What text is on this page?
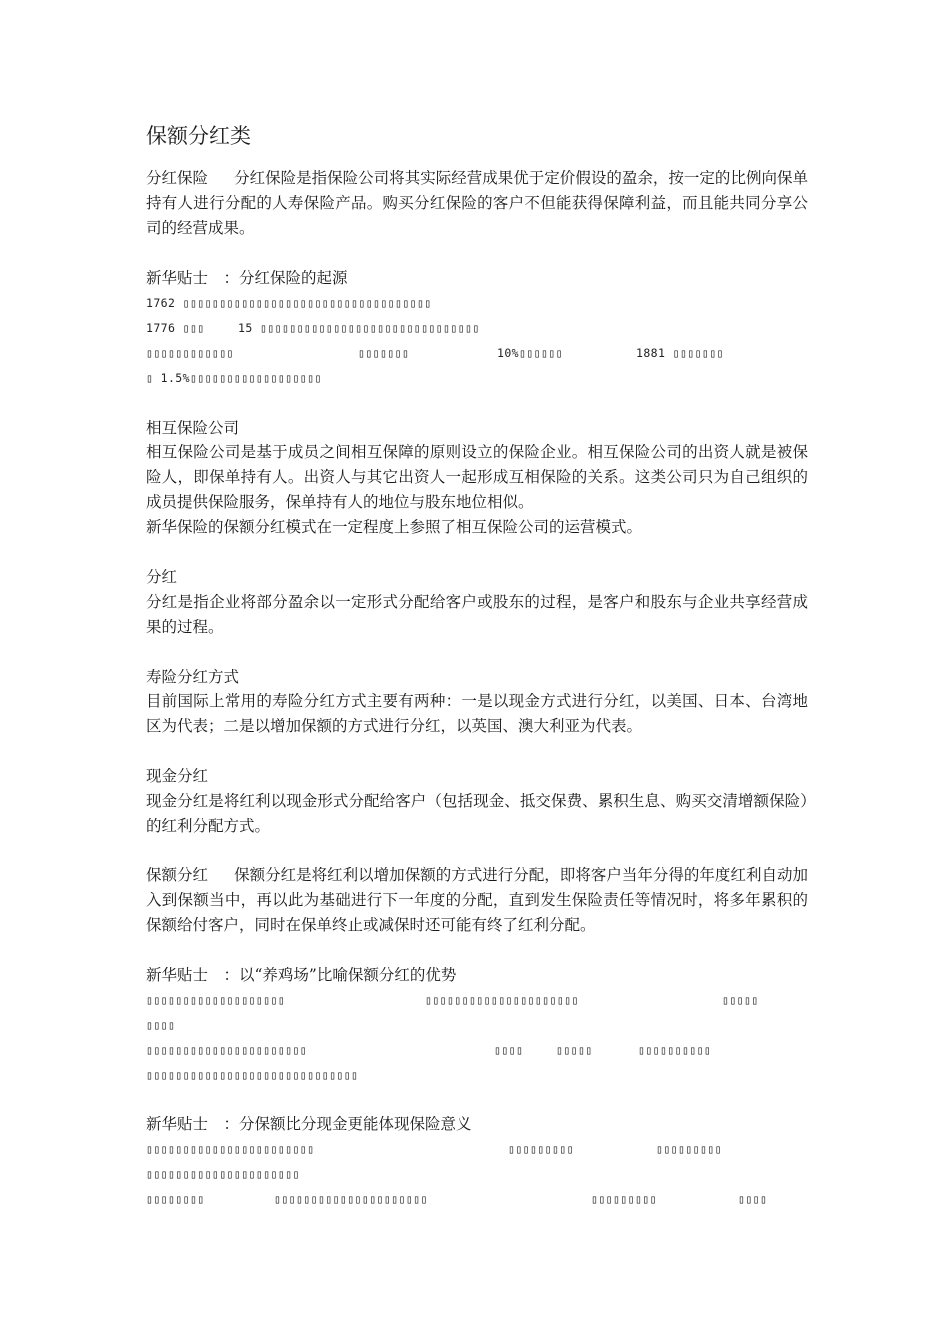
保额分红类

分红保险 分红保险是指保险公司将其实际经营成果优于定价假设的盈余，按一定的比例向保单持有人进行分配的人寿保险产品。购买分红保险的客户不但能获得保障利益，而且能共同分享公司的经营成果。

新华贴士　：分红保险的起源
1762 ▯▯▯▯▯▯▯▯▯▯▯▯▯▯▯▯▯▯▯▯▯▯▯▯▯▯▯▯▯▯▯▯▯▯
1776 ▯▯▯	15 ▯▯▯▯▯▯▯▯▯▯▯▯▯▯▯▯▯▯▯▯▯▯▯▯▯▯▯▯▯▯
▯▯▯▯▯▯▯▯▯▯▯▯	▯▯▯▯▯▯▯	10%▯▯▯▯▯▯	1881 ▯▯▯▯▯▯▯
▯ 1.5%▯▯▯▯▯▯▯▯▯▯▯▯▯▯▯▯▯▯
相互保险公司

相互保险公司是基于成员之间相互保障的原则设立的保险企业。相互保险公司的出资人就是被保险人，即保单持有人。出资人与其它出资人一起形成互相保险的关系。这类公司只为自己组织的成员提供保险服务，保单持有人的地位与股东地位相似。

新华保险的保额分红模式在一定程度上参照了相互保险公司的运营模式。

分红

分红是指企业将部分盈余以一定形式分配给客户或股东的过程，是客户和股东与企业共享经营成果的过程。

寿险分红方式

目前国际上常用的寿险分红方式主要有两种：一是以现金方式进行分红，以美国、日本、台湾地区为代表；二是以增加保额的方式进行分红，以英国、澳大利亚为代表。

现金分红

现金分红是将红利以现金形式分配给客户（包括现金、抵交保费、累积生息、购买交清增额保险）的红利分配方式。

保额分红 保额分红是将红利以增加保额的方式进行分配，即将客户当年分得的年度红利自动加入到保额当中，再以此为基础进行下一年度的分配，直到发生保险责任等情况时，将多年累积的保额给付客户，同时在保单终止或减保时还可能有终了红利分配。

新华贴士　：以“养鸡场”比喻保额分红的优势
▯▯▯▯▯▯▯▯▯▯▯▯▯▯▯▯▯▯▯	▯▯▯▯▯▯▯▯▯▯▯▯▯▯▯▯▯▯▯▯▯	▯▯▯▯▯
▯▯▯▯
▯▯▯▯▯▯▯▯▯▯▯▯▯▯▯▯▯▯▯▯▯▯	▯▯▯▯	▯▯▯▯▯	▯▯▯▯▯▯▯▯▯▯
▯▯▯▯▯▯▯▯▯▯▯▯▯▯▯▯▯▯▯▯▯▯▯▯▯▯▯▯▯
新华贴士　：分保额比分现金更能体现保险意义
▯▯▯▯▯▯▯▯▯▯▯▯▯▯▯▯▯▯▯▯▯▯▯	▯▯▯▯▯▯▯▯▯	▯▯▯▯▯▯▯▯▯
▯▯▯▯▯▯▯▯▯▯▯▯▯▯▯▯▯▯▯▯▯
▯▯▯▯▯▯▯▯	▯▯▯▯▯▯▯▯▯▯▯▯▯▯▯▯▯▯▯▯▯	▯▯▯▯▯▯▯▯▯	▯▯▯▯
